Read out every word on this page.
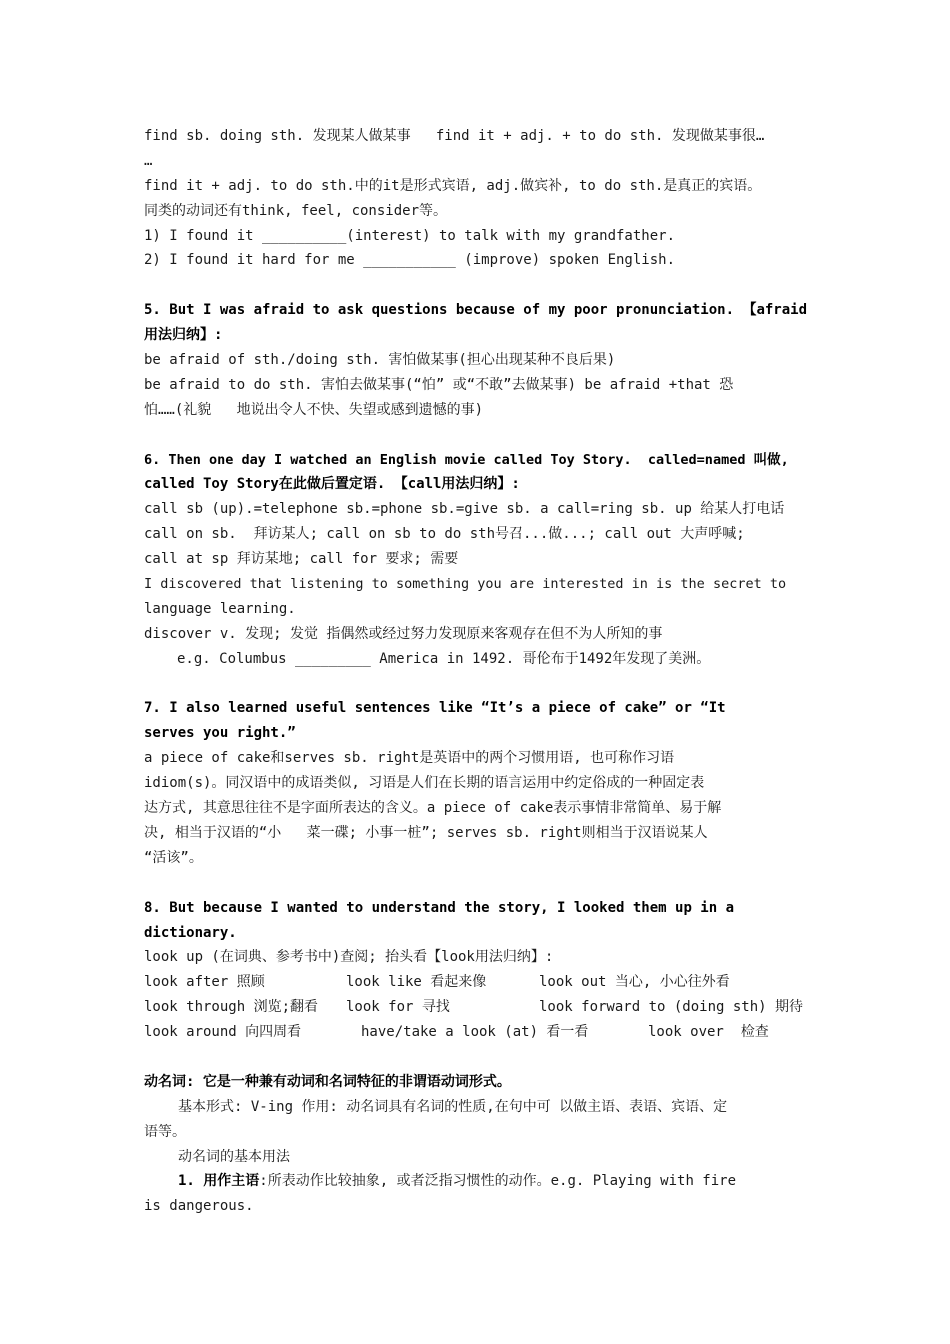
find sb. doing sth. 发现某人做某事   find it + adj. + to do sth. 发现做某事很…
…
find it + adj. to do sth.中的it是形式宾语, adj.做宾补, to do sth.是真正的宾语。
同类的动词还有think, feel, consider等。
1) I found it __________(interest) to talk with my grandfather.
2) I found it hard for me ___________ (improve) spoken English.
5. But I was afraid to ask questions because of my poor pronunciation. 【afraid
用法归纳】:
be afraid of sth./doing sth. 害怕做某事(担心出现某种不良后果)
be afraid to do sth. 害怕去做某事(“怕” 或“不敢”去做某事) be afraid +that 恐
怕……(礼貌   地说出令人不快、失望或感到遗憾的事)
6. Then one day I watched an English movie called Toy Story.  called=named 叫做,
called Toy Story在此做后置定语. 【call用法归纳】:
call sb (up).=telephone sb.=phone sb.=give sb. a call=ring sb. up 给某人打电话
call on sb.  拜访某人; call on sb to do sth号召...做...; call out 大声呼喊;
call at sp 拜访某地; call for 要求; 需要
I discovered that listening to something you are interested in is the secret to
language learning.
discover v. 发现; 发觉 指偶然或经过努力发现原来客观存在但不为人所知的事
e.g. Columbus _________ America in 1492. 哥伦布于1492年发现了美洲。
7. I also learned useful sentences like “It’s a piece of cake” or “It
serves you right.”
a piece of cake和serves sb. right是英语中的两个习惯用语, 也可称作习语
idiom(s)。同汉语中的成语类似, 习语是人们在长期的语言运用中约定俗成的一种固定表
达方式, 其意思往往不是字面所表达的含义。a piece of cake表示事情非常简单、易于解
决, 相当于汉语的“小   菜一碟; 小事一桩”; serves sb. right则相当于汉语说某人
“活该”。
8. But because I wanted to understand the story, I looked them up in a
dictionary.
look up (在词典、参考书中)查阅; 抬头看【look用法归纳】:
look after 照顾	look like 看起来像	look out 当心, 小心往外看
look through 浏览;翻看	look for 寻找	look forward to (doing sth) 期待
look around 向四周看	have/take a look (at) 看一看	look over  检查
动名词: 它是一种兼有动词和名词特征的非谓语动词形式。
基本形式: V-ing 作用: 动名词具有名词的性质,在句中可 以做主语、表语、宾语、定
语等。
动名词的基本用法
1. 用作主语:所表动作比较抽象, 或者泛指习惯性的动作。e.g. Playing with fire
is dangerous.
